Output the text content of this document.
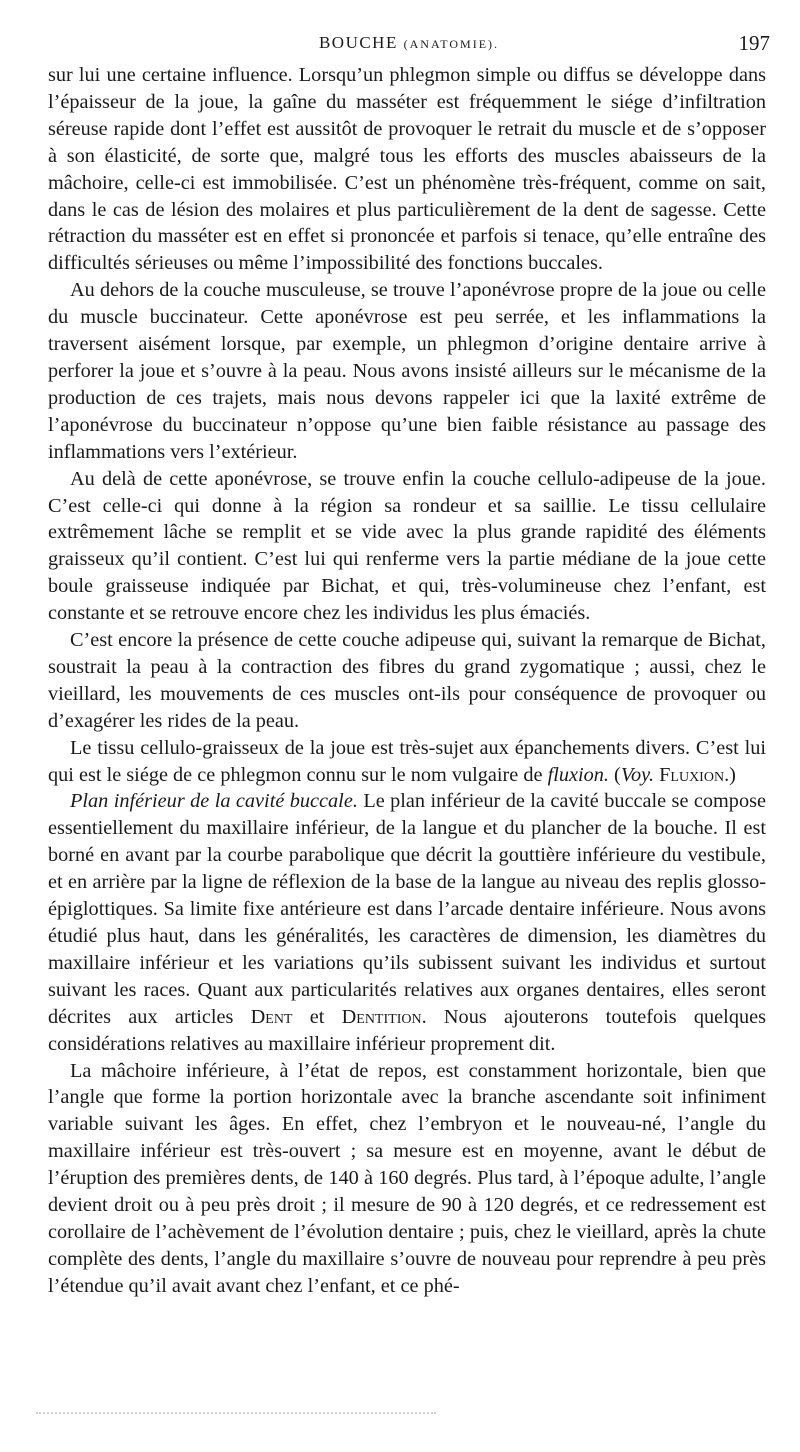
BOUCHE (ANATOMIE).	197

sur lui une certaine influence. Lorsqu’un phlegmon simple ou diffus se développe dans l’épaisseur de la joue, la gaîne du masséter est fréquemment le siége d’infiltration séreuse rapide dont l’effet est aussitôt de provoquer le retrait du muscle et de s’opposer à son élasticité, de sorte que, malgré tous les efforts des muscles abaisseurs de la mâchoire, celle-ci est immobilisée. C’est un phénomène très-fréquent, comme on sait, dans le cas de lésion des molaires et plus particulièrement de la dent de sagesse. Cette rétraction du masséter est en effet si prononcée et parfois si tenace, qu’elle entraîne des difficultés sérieuses ou même l’impossibilité des fonctions buccales.

Au dehors de la couche musculeuse, se trouve l’aponévrose propre de la joue ou celle du muscle buccinateur. Cette aponévrose est peu serrée, et les inflammations la traversent aisément lorsque, par exemple, un phlegmon d’origine dentaire arrive à perforer la joue et s’ouvre à la peau. Nous avons insisté ailleurs sur le mécanisme de la production de ces trajets, mais nous devons rappeler ici que la laxité extrême de l’aponévrose du buccinateur n’oppose qu’une bien faible résistance au passage des inflammations vers l’extérieur.

Au delà de cette aponévrose, se trouve enfin la couche cellulo-adipeuse de la joue. C’est celle-ci qui donne à la région sa rondeur et sa saillie. Le tissu cellulaire extrêmement lâche se remplit et se vide avec la plus grande rapidité des éléments graisseux qu’il contient. C’est lui qui renferme vers la partie médiane de la joue cette boule graisseuse indiquée par Bichat, et qui, très-volumineuse chez l’enfant, est constante et se retrouve encore chez les individus les plus émaciés.

C’est encore la présence de cette couche adipeuse qui, suivant la remarque de Bichat, soustrait la peau à la contraction des fibres du grand zygomatique ; aussi, chez le vieillard, les mouvements de ces muscles ont-ils pour conséquence de provoquer ou d’exagérer les rides de la peau.

Le tissu cellulo-graisseux de la joue est très-sujet aux épanchements divers. C’est lui qui est le siége de ce phlegmon connu sur le nom vulgaire de fluxion. (Voy. Fluxion.)

Plan inférieur de la cavité buccale. Le plan inférieur de la cavité buccale se compose essentiellement du maxillaire inférieur, de la langue et du plancher de la bouche. Il est borné en avant par la courbe parabolique que décrit la gouttière inférieure du vestibule, et en arrière par la ligne de réflexion de la base de la langue au niveau des replis glosso-épiglottiques. Sa limite fixe antérieure est dans l’arcade dentaire inférieure. Nous avons étudié plus haut, dans les généralités, les caractères de dimension, les diamètres du maxillaire inférieur et les variations qu’ils subissent suivant les individus et surtout suivant les races. Quant aux particularités relatives aux organes dentaires, elles seront décrites aux articles Dent et Dentition. Nous ajouterons toutefois quelques considérations relatives au maxillaire inférieur proprement dit.

La mâchoire inférieure, à l’état de repos, est constamment horizontale, bien que l’angle que forme la portion horizontale avec la branche ascendante soit infiniment variable suivant les âges. En effet, chez l’embryon et le nouveau-né, l’angle du maxillaire inférieur est très-ouvert ; sa mesure est en moyenne, avant le début de l’éruption des premières dents, de 140 à 160 degrés. Plus tard, à l’époque adulte, l’angle devient droit ou à peu près droit ; il mesure de 90 à 120 degrés, et ce redressement est corollaire de l’achèvement de l’évolution dentaire ; puis, chez le vieillard, après la chute complète des dents, l’angle du maxillaire s’ouvre de nouveau pour reprendre à peu près l’étendue qu’il avait avant chez l’enfant, et ce phé-
